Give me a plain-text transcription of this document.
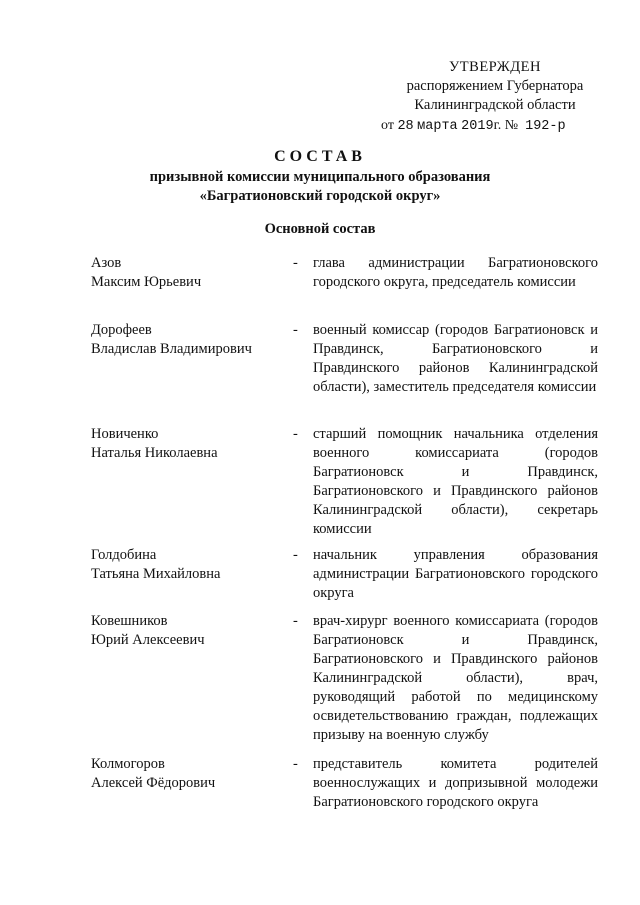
УТВЕРЖДЕН
распоряжением Губернатора
Калининградской области
от 28 марта 2019г. № 192-р
СОСТАВ
призывной комиссии муниципального образования
«Багратионовский городской округ»
Основной состав
Азов
Максим Юрьевич
- глава администрации Багратионовского городского округа, председатель комиссии
Дорофеев
Владислав Владимирович
- военный комиссар (городов Багратионовск и Правдинск, Багратионовского и Правдинского районов Калининградской области), заместитель председателя комиссии
Новиченко
Наталья Николаевна
- старший помощник начальника отделения военного комиссариата (городов Багратионовск и Правдинск, Багратионовского и Правдинского районов Калининградской области), секретарь комиссии
Голдобина
Татьяна Михайловна
- начальник управления образования администрации Багратионовского городского округа
Ковешников
Юрий Алексеевич
- врач-хирург военного комиссариата (городов Багратионовск и Правдинск, Багратионовского и Правдинского районов Калининградской области), врач, руководящий работой по медицинскому освидетельствованию граждан, подлежащих призыву на военную службу
Колмогоров
Алексей Фёдорович
- представитель комитета родителей военнослужащих и допризывной молодежи Багратионовского городского округа
